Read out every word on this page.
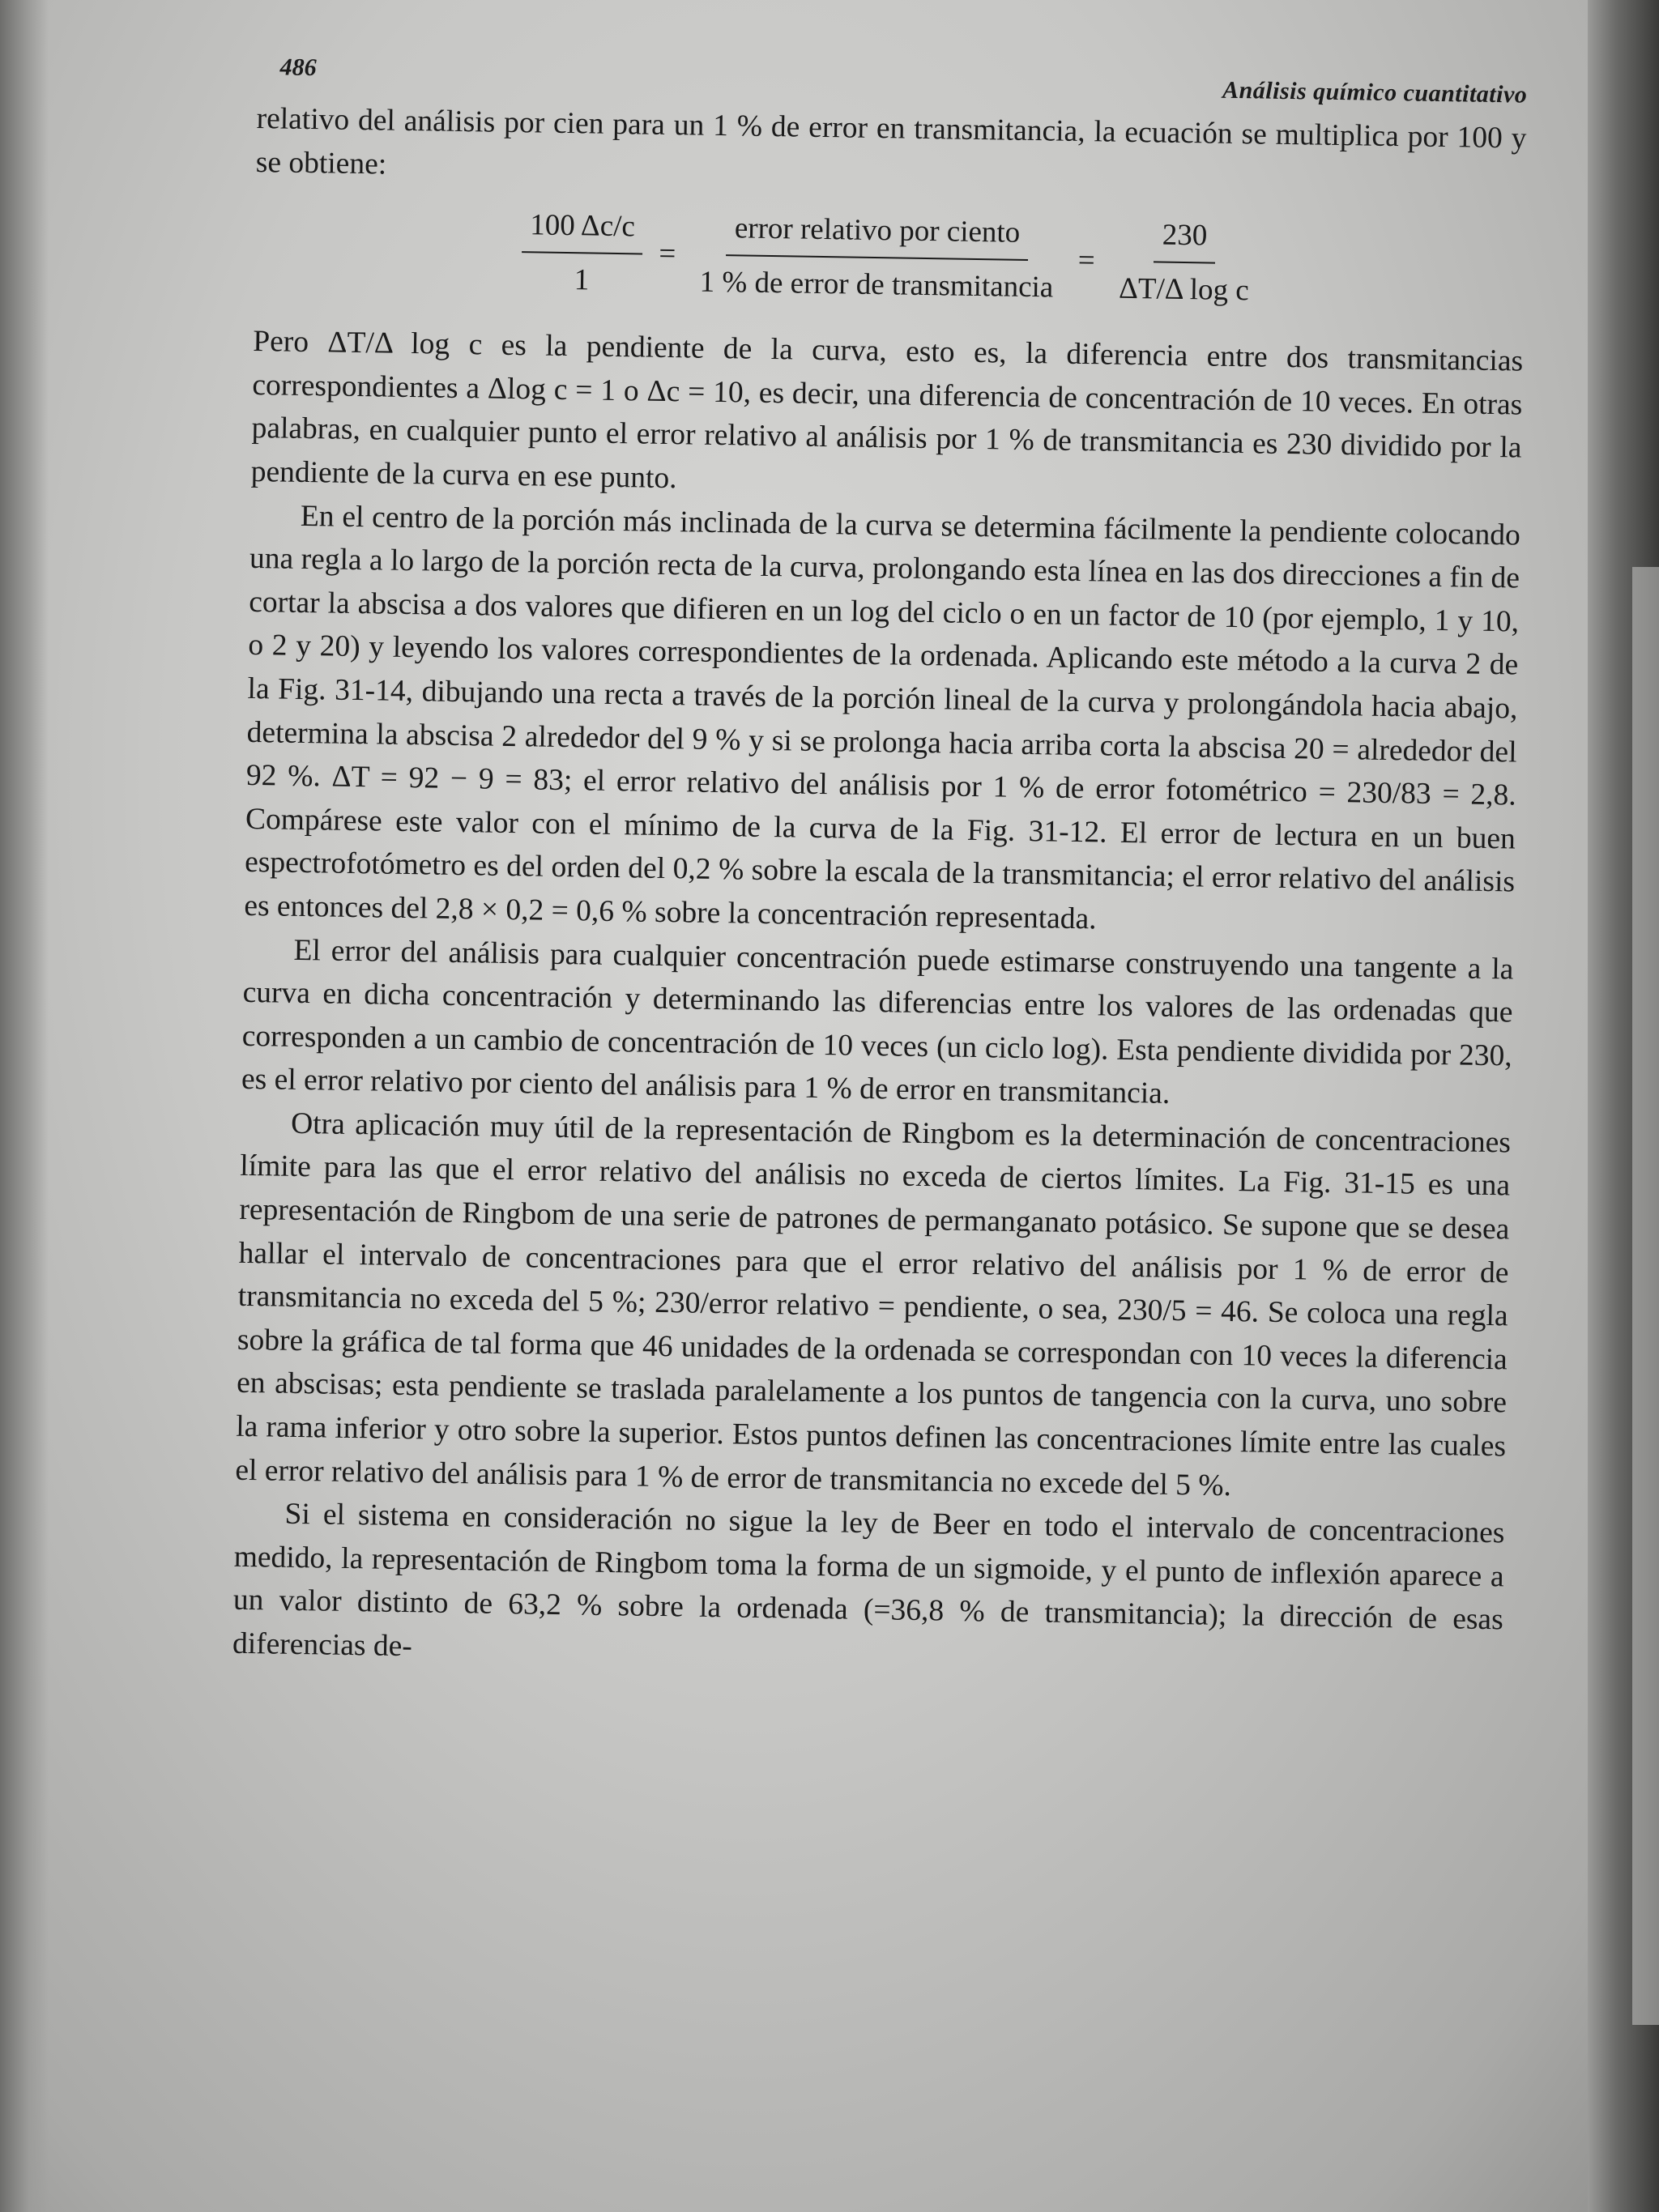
486
Análisis químico cuantitativo

relativo del análisis por cien para un 1 % de error en transmitancia, la ecuación se multiplica por 100 y se obtiene:

$\frac{100 \Delta c/c}{1} = \frac{\text{error relativo por ciento}}{\text{1 \% de error de transmitancia}} = \frac{230}{\text{ΔT/Δ log c}}$

Pero ΔT/Δ log c es la pendiente de la curva, esto es, la diferencia entre dos transmitancias correspondientes a Δlog c = 1 o Δc = 10, es decir, una diferencia de concentración de 10 veces. En otras palabras, en cualquier punto el error relativo al análisis por 1 % de transmitancia es 230 dividido por la pendiente de la curva en ese punto.

En el centro de la porción más inclinada de la curva se determina fácilmente la pendiente colocando una regla a lo largo de la porción recta de la curva, prolongando esta línea en las dos direcciones a fin de cortar la abscisa a dos valores que difieren en un log del ciclo o en un factor de 10 (por ejemplo, 1 y 10, o 2 y 20) y leyendo los valores correspondientes de la ordenada. Aplicando este método a la curva 2 de la Fig. 31-14, dibujando una recta a través de la porción lineal de la curva y prolongándola hacia abajo, determina la abscisa 2 alrededor del 9 % y si se prolonga hacia arriba corta la abscisa 20 = alrededor del 92 %. ΔT = 92 − 9 = 83; el error relativo del análisis por 1 % de error fotométrico = 230/83 = 2,8. Compárese este valor con el mínimo de la curva de la Fig. 31-12. El error de lectura en un buen espectrofotómetro es del orden del 0,2 % sobre la escala de la transmitancia; el error relativo del análisis es entonces del 2,8 × 0,2 = 0,6 % sobre la concentración representada.

El error del análisis para cualquier concentración puede estimarse construyendo una tangente a la curva en dicha concentración y determinando las diferencias entre los valores de las ordenadas que corresponden a un cambio de concentración de 10 veces (un ciclo log). Esta pendiente dividida por 230, es el error relativo por ciento del análisis para 1 % de error en transmitancia.

Otra aplicación muy útil de la representación de Ringbom es la determinación de concentraciones límite para las que el error relativo del análisis no exceda de ciertos límites. La Fig. 31-15 es una representación de Ringbom de una serie de patrones de permanganato potásico. Se supone que se desea hallar el intervalo de concentraciones para que el error relativo del análisis por 1 % de error de transmitancia no exceda del 5 %; 230/error relativo = pendiente, o sea, 230/5 = 46. Se coloca una regla sobre la gráfica de tal forma que 46 unidades de la ordenada se correspondan con 10 veces la diferencia en abscisas; esta pendiente se traslada paralelamente a los puntos de tangencia con la curva, uno sobre la rama inferior y otro sobre la superior. Estos puntos definen las concentraciones límite entre las cuales el error relativo del análisis para 1 % de error de transmitancia no excede del 5 %.

Si el sistema en consideración no sigue la ley de Beer en todo el intervalo de concentraciones medido, la representación de Ringbom toma la forma de un sigmoide, y el punto de inflexión aparece a un valor distinto de 63,2 % sobre la ordenada (=36,8 % de transmitancia); la dirección de esas diferencias de-
